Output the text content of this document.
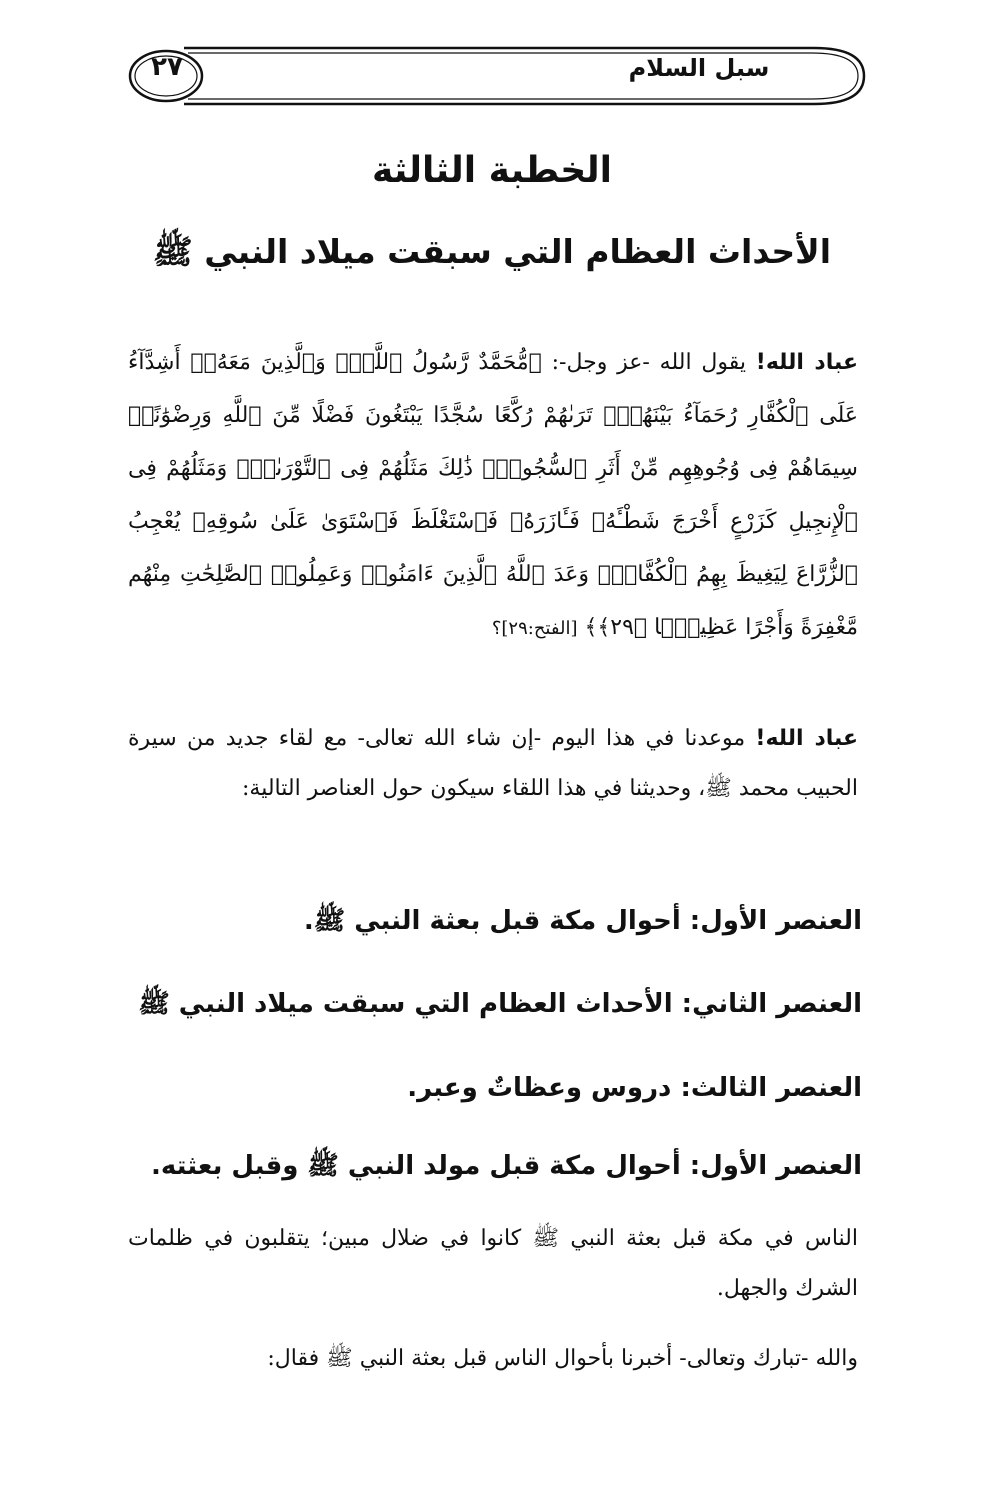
سبل السلام
٢٧
الخطبة الثالثة
الأحداث العظام التي سبقت ميلاد النبي ﷺ
عباد الله! يقول الله -عز وجل-: ﴿مُّحَمَّدٌ رَّسُولُ ٱللَّهِۚ وَٱلَّذِينَ مَعَهُۥٓ أَشِدَّآءُ عَلَى ٱلْكُفَّارِ رُحَمَآءُ بَيْنَهُمْۖ تَرَىٰهُمْ رُكَّعًا سُجَّدًا يَبْتَغُونَ فَضْلًا مِّنَ ٱللَّهِ وَرِضْوَٰنًاۖ سِيمَاهُمْ فِى وُجُوهِهِم مِّنْ أَثَرِ ٱلسُّجُودِۚ ذَٰلِكَ مَثَلُهُمْ فِى ٱلتَّوْرَىٰةِۚ وَمَثَلُهُمْ فِى ٱلْإِنجِيلِ كَزَرْعٍ أَخْرَجَ شَطْـَٔهُۥ فَـَٔازَرَهُۥ فَٱسْتَغْلَظَ فَٱسْتَوَىٰ عَلَىٰ سُوقِهِۦ يُعْجِبُ ٱلزُّرَّاعَ لِيَغِيظَ بِهِمُ ٱلْكُفَّارَۗ وَعَدَ ٱللَّهُ ٱلَّذِينَ ءَامَنُوا۟ وَعَمِلُوا۟ ٱلصَّٰلِحَٰتِ مِنْهُم مَّغْفِرَةً وَأَجْرًا عَظِيمًۢا ﴿٢٩﴾﴾ [الفتح:٢٩]؟
عباد الله! موعدنا في هذا اليوم -إن شاء الله تعالى- مع لقاء جديد من سيرة الحبيب محمد ﷺ، وحديثنا في هذا اللقاء سيكون حول العناصر التالية:
العنصر الأول: أحوال مكة قبل بعثة النبي ﷺ.
العنصر الثاني: الأحداث العظام التي سبقت ميلاد النبي ﷺ
العنصر الثالث: دروس وعظاتٌ وعبر.
العنصر الأول: أحوال مكة قبل مولد النبي ﷺ وقبل بعثته.
الناس في مكة قبل بعثة النبي ﷺ كانوا في ضلال مبين؛ يتقلبون في ظلمات الشرك والجهل.
والله -تبارك وتعالى- أخبرنا بأحوال الناس قبل بعثة النبي ﷺ فقال:
